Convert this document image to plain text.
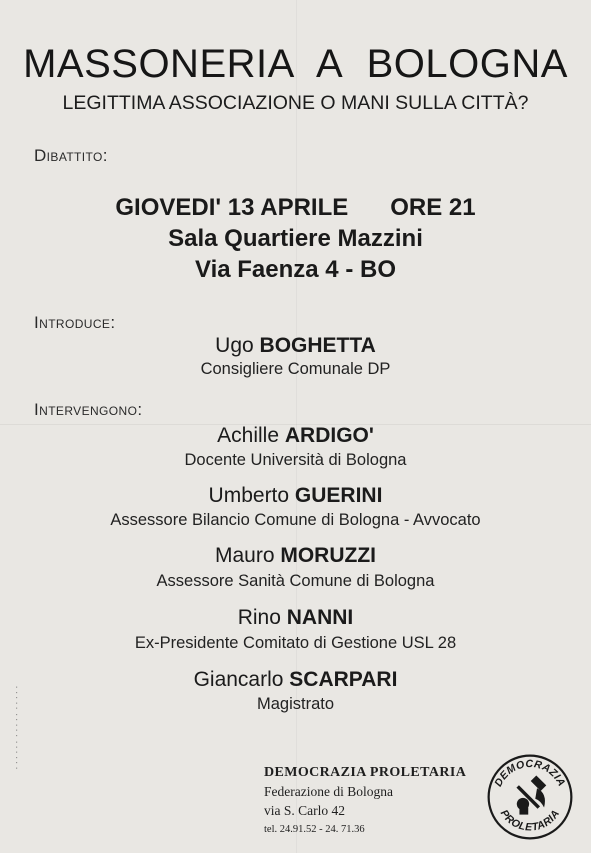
MASSONERIA A BOLOGNA
LEGITTIMA ASSOCIAZIONE O MANI SULLA CITTÀ?
Dibattito:
GIOVEDI' 13 APRILE ORE 21
Sala Quartiere Mazzini
Via Faenza 4 - BO
Introduce:
Ugo BOGHETTA
Consigliere Comunale DP
Intervengono:
Achille ARDIGO'
Docente Università di Bologna
Umberto GUERINI
Assessore Bilancio Comune di Bologna - Avvocato
Mauro MORUZZI
Assessore Sanità Comune di Bologna
Rino NANNI
Ex-Presidente Comitato di Gestione USL 28
Giancarlo SCARPARI
Magistrato
▪▪▪▪▪▪ ▪▪▪▪▪ ▪▪▪▪▪
DEMOCRAZIA PROLETARIA
Federazione di Bologna
via S. Carlo 42
tel. 24.91.52 - 24. 71.36
DEMOCRAZIA
PROLETARIA
